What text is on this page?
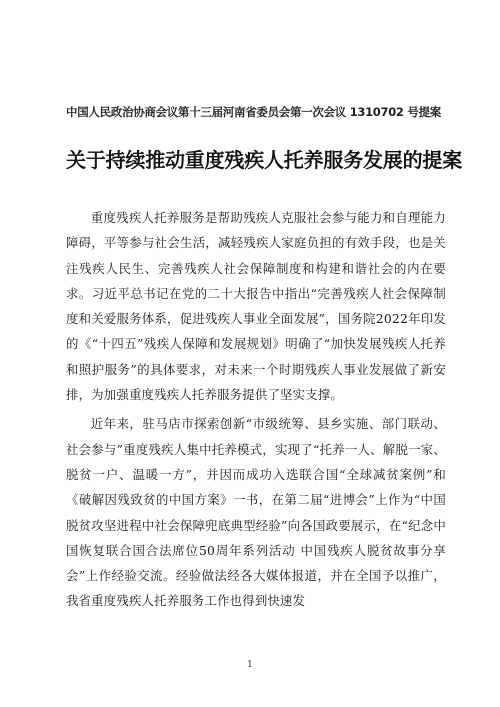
中国人民政治协商会议第十三届河南省委员会第一次会议 1310702 号提案
关于持续推动重度残疾人托养服务发展的提案

重度残疾人托养服务是帮助残疾人克服社会参与能力和自理能力障碍，平等参与社会生活，减轻残疾人家庭负担的有效手段，也是关注残疾人民生、完善残疾人社会保障制度和构建和谐社会的内在要求。习近平总书记在党的二十大报告中指出“完善残疾人社会保障制度和关爱服务体系，促进残疾人事业全面发展”，国务院2022年印发的《“十四五”残疾人保障和发展规划》明确了“加快发展残疾人托养和照护服务”的具体要求，对未来一个时期残疾人事业发展做了新安排，为加强重度残疾人托养服务提供了坚实支撑。

近年来，驻马店市探索创新“市级统筹、县乡实施、部门联动、社会参与”重度残疾人集中托养模式，实现了“托养一人、解脱一家、脱贫一户、温暖一方”，并因而成功入选联合国“全球减贫案例”和《破解因残致贫的中国方案》一书，在第二届“进博会”上作为“中国脱贫攻坚进程中社会保障兜底典型经验”向各国政要展示，在“纪念中国恢复联合国合法席位50周年系列活动 中国残疾人脱贫故事分享会”上作经验交流。经验做法经各大媒体报道，并在全国予以推广，我省重度残疾人托养服务工作也得到快速发

1
